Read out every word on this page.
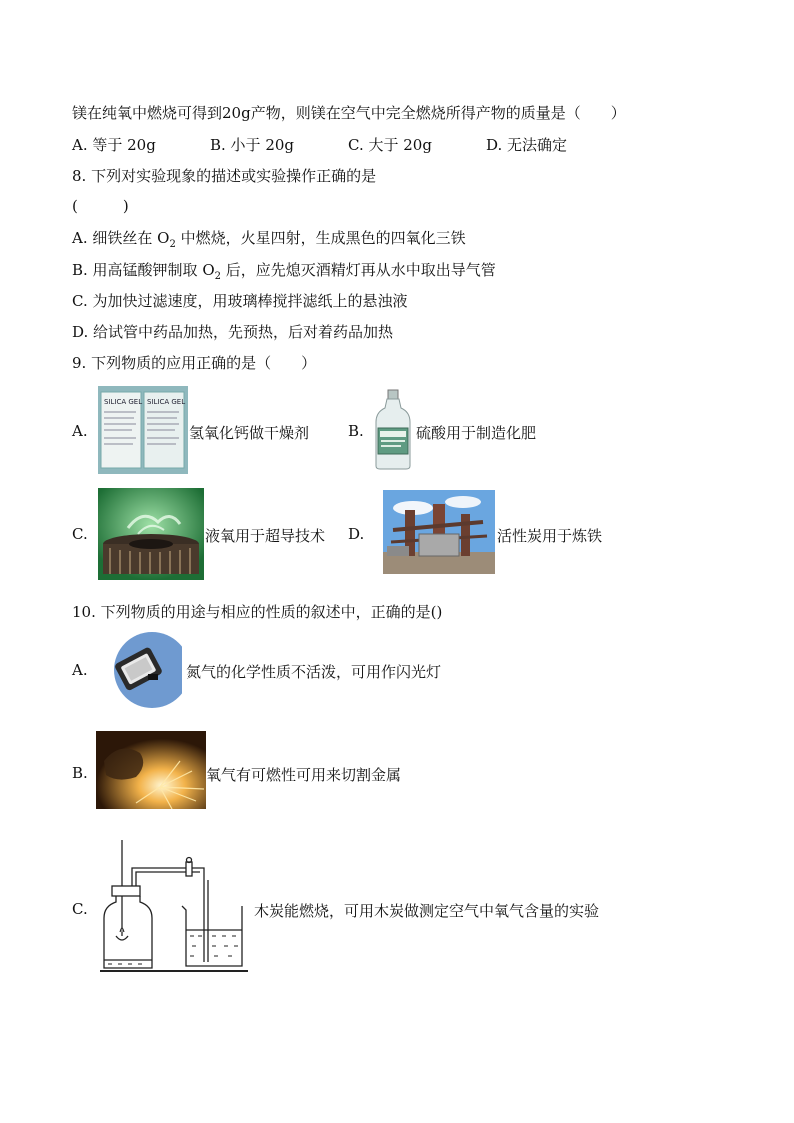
镁在纯氧中燃烧可得到20g产物，则镁在空气中完全燃烧所得产物的质量是（　　）
A. 等于 20g	B. 小于 20g	C. 大于 20g	D. 无法确定
8. 下列对实验现象的描述或实验操作正确的是
(　　　)
A. 细铁丝在 $O_2$ 中燃烧，火星四射，生成黑色的四氧化三铁
B. 用高锰酸钾制取 $O_2$ 后，应先熄灭酒精灯再从水中取出导气管
C. 为加快过滤速度，用玻璃棒搅拌滤纸上的悬浊液
D. 给试管中药品加热，先预热，后对着药品加热
9. 下列物质的应用正确的是（　　）
A.
SILICA GEL SILICA GEL
氢氧化钙做干燥剂	B.	硫酸用于制造化肥
C.	液氧用于超导技术 D.	活性炭用于炼铁
10. 下列物质的用途与相应的性质的叙述中，正确的是()
A.	氮气的化学性质不活泼，可用作闪光灯
B.	氧气有可燃性可用来切割金属
C.	木炭能燃烧，可用木炭做测定空气中氧气含量的实验
